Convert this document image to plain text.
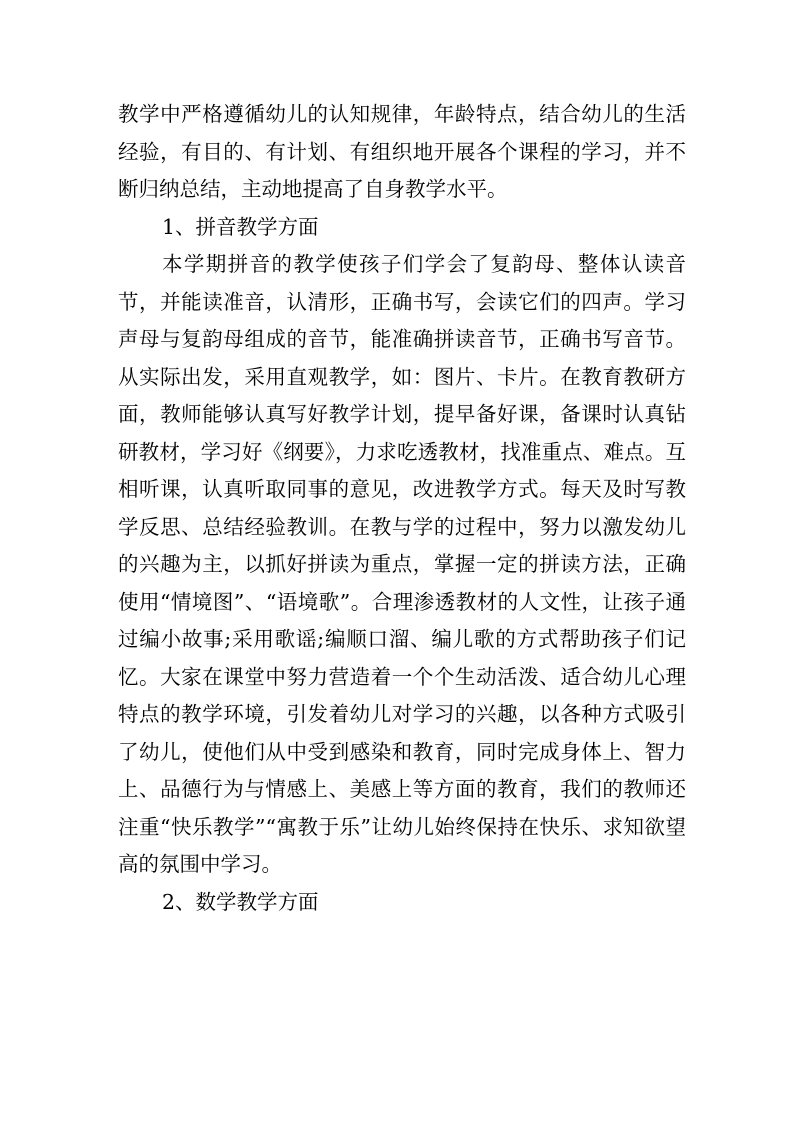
教学中严格遵循幼儿的认知规律，年龄特点，结合幼儿的生活经验，有目的、有计划、有组织地开展各个课程的学习，并不断归纳总结，主动地提高了自身教学水平。

1、拼音教学方面

本学期拼音的教学使孩子们学会了复韵母、整体认读音节，并能读准音，认清形，正确书写，会读它们的四声。学习声母与复韵母组成的音节，能准确拼读音节，正确书写音节。从实际出发，采用直观教学，如：图片、卡片。在教育教研方面，教师能够认真写好教学计划，提早备好课，备课时认真钻研教材，学习好《纲要》，力求吃透教材，找准重点、难点。互相听课，认真听取同事的意见，改进教学方式。每天及时写教学反思、总结经验教训。在教与学的过程中，努力以激发幼儿的兴趣为主，以抓好拼读为重点，掌握一定的拼读方法，正确使用“情境图”、“语境歌”。合理渗透教材的人文性，让孩子通过编小故事;采用歌谣;编顺口溜、编儿歌的方式帮助孩子们记忆。大家在课堂中努力营造着一个个生动活泼、适合幼儿心理特点的教学环境，引发着幼儿对学习的兴趣，以各种方式吸引了幼儿，使他们从中受到感染和教育，同时完成身体上、智力上、品德行为与情感上、美感上等方面的教育，我们的教师还注重“快乐教学”“寓教于乐”让幼儿始终保持在快乐、求知欲望高的氛围中学习。

2、数学教学方面
